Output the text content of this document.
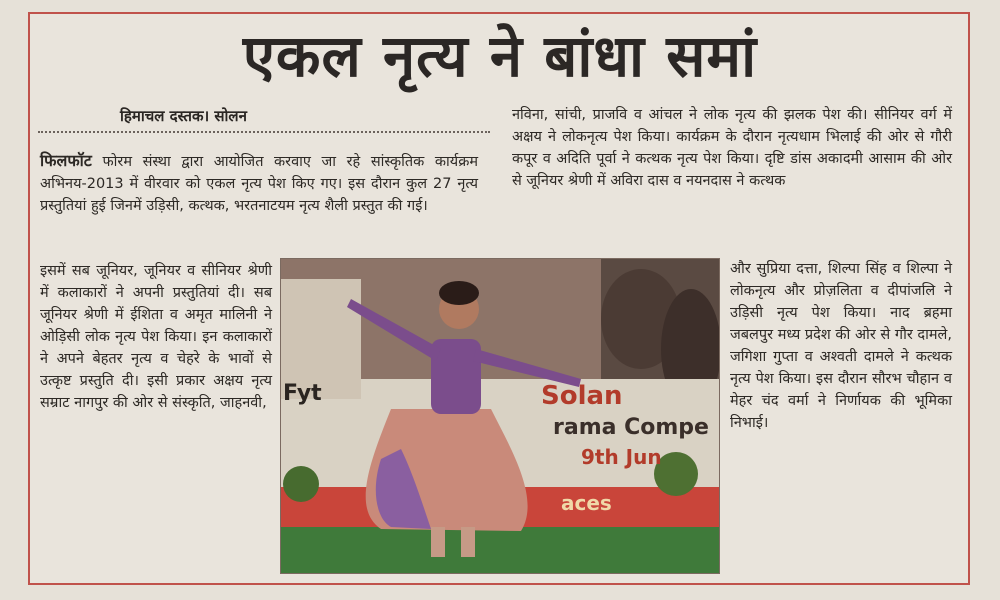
एकल नृत्य ने बांधा समां
हिमाचल दस्तक। सोलन

फिलफॉट फोरम संस्था द्वारा आयोजित करवाए जा रहे सांस्कृतिक कार्यक्रम अभिनय-2013 में वीरवार को एकल नृत्य पेश किए गए। इस दौरान कुल 27 नृत्य प्रस्तुतियां हुई जिनमें उड़िसी, कत्थक, भरतनाटयम नृत्य शैली प्रस्तुत की गई।

इसमें सब जूनियर, जूनियर व सीनियर श्रेणी में कलाकारों ने अपनी प्रस्तुतियां दी। सब जूनियर श्रेणी में ईशिता व अमृत मालिनी ने ओड़िसी लोक नृत्य पेश किया। इन कलाकारों ने अपने बेहतर नृत्य व चेहरे के भावों से उत्कृष्ट प्रस्तुति दी। इसी प्रकार अक्षय नृत्य सम्राट नागपुर की ओर से संस्कृति, जाहनवी,

नविना, सांची, प्राजवि व आंचल ने लोक नृत्य की झलक पेश की। सीनियर वर्ग में अक्षय ने लोकनृत्य पेश किया। कार्यक्रम के दौरान नृत्यधाम भिलाई की ओर से गौरी कपूर व अदिति पूर्वा ने कत्थक नृत्य पेश किया। दृष्टि डांस अकादमी आसाम की ओर से जूनियर श्रेणी में अविरा दास व नयनदास ने कत्थक

और सुप्रिया दत्ता, शिल्पा सिंह व शिल्पा ने लोकनृत्य और प्रोज़लिता व दीपांजलि ने उड़िसी नृत्य पेश किया। नाद ब्रहमा जबलपुर मध्य प्रदेश की ओर से गौर दामले, जगिशा गुप्ता व अश्वती दामले ने कत्थक नृत्य पेश किया। इस दौरान सौरभ चौहान व मेहर चंद वर्मा ने निर्णायक की भूमिका निभाई।

Fyt	Solan
rama Compe
9th Jun
aces
